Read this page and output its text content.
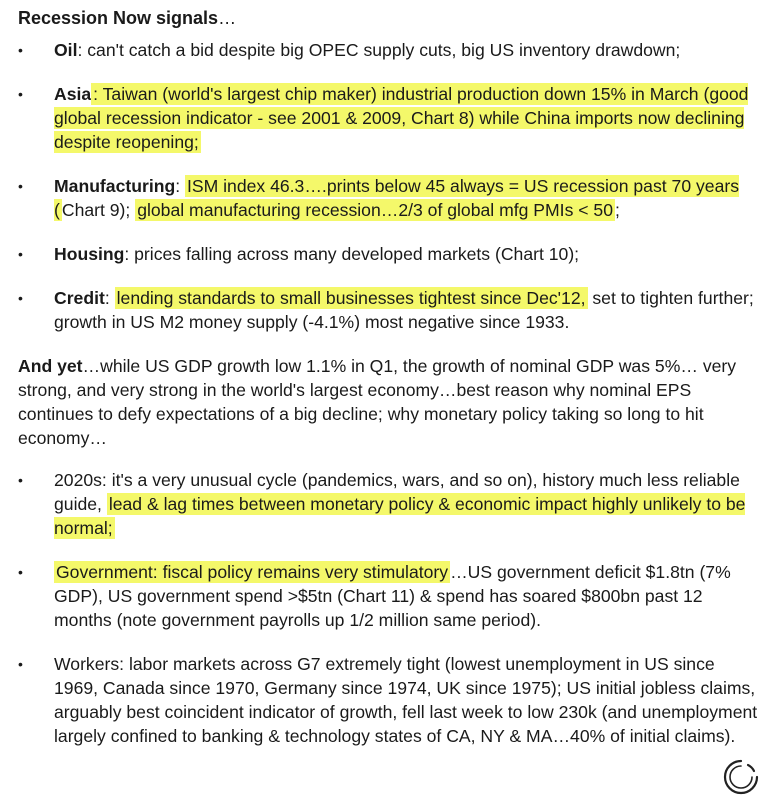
Recession Now signals…
• Oil: can't catch a bid despite big OPEC supply cuts, big US inventory drawdown;
• Asia : Taiwan (world's largest chip maker) industrial production down 15% in March (good global recession indicator - see 2001 & 2009, Chart 8) while China imports now declining despite reopening;
• Manufacturing: ISM index 46.3….prints below 45 always = US recession past 70 years ( Chart 9); global manufacturing recession…2/3 of global mfg PMIs < 50 ;
• Housing: prices falling across many developed markets (Chart 10);
• Credit: lending standards to small businesses tightest since Dec'12, set to tighten further; growth in US M2 money supply (-4.1%) most negative since 1933.
And yet…while US GDP growth low 1.1% in Q1, the growth of nominal GDP was 5%… very strong, and very strong in the world's largest economy…best reason why nominal EPS continues to defy expectations of a big decline; why monetary policy taking so long to hit economy…
• 2020s: it's a very unusual cycle (pandemics, wars, and so on), history much less reliable guide, lead & lag times between monetary policy & economic impact highly unlikely to be normal;
• Government: fiscal policy remains very stimulatory …US government deficit $1.8tn (7% GDP), US government spend >$5tn (Chart 11) & spend has soared $800bn past 12 months (note government payrolls up 1/2 million same period).
• Workers: labor markets across G7 extremely tight (lowest unemployment in US since 1969, Canada since 1970, Germany since 1974, UK since 1975); US initial jobless claims, arguably best coincident indicator of growth, fell last week to low 230k (and unemployment largely confined to banking & technology states of CA, NY & MA…40% of initial claims).
